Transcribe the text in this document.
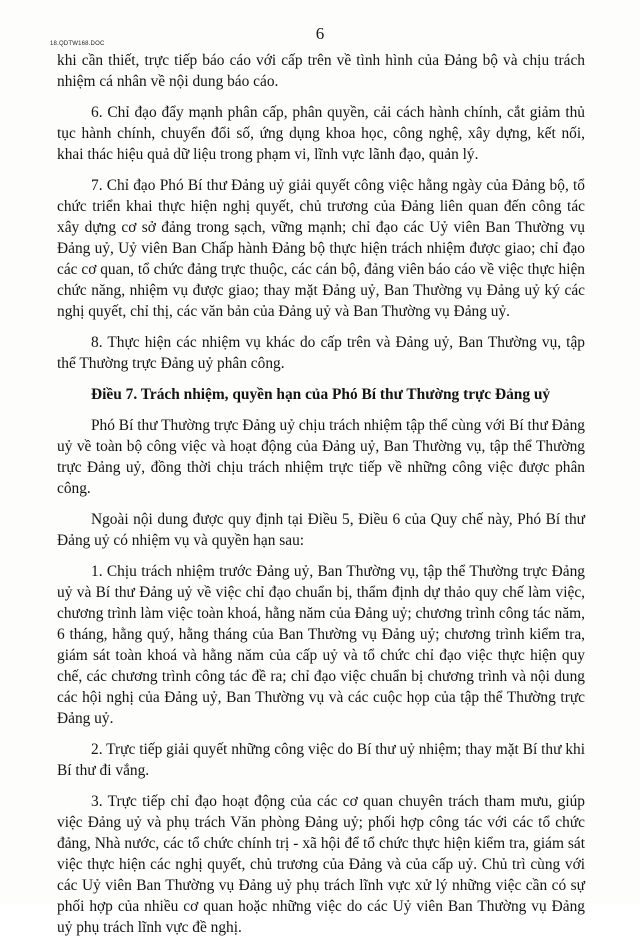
18.QDTW168.DOC
6

khi cần thiết, trực tiếp báo cáo với cấp trên về tình hình của Đảng bộ và chịu trách nhiệm cá nhân về nội dung báo cáo.

6. Chỉ đạo đẩy mạnh phân cấp, phân quyền, cải cách hành chính, cắt giảm thủ tục hành chính, chuyển đổi số, ứng dụng khoa học, công nghệ, xây dựng, kết nối, khai thác hiệu quả dữ liệu trong phạm vi, lĩnh vực lãnh đạo, quản lý.

7. Chỉ đạo Phó Bí thư Đảng uỷ giải quyết công việc hằng ngày của Đảng bộ, tổ chức triển khai thực hiện nghị quyết, chủ trương của Đảng liên quan đến công tác xây dựng cơ sở đảng trong sạch, vững mạnh; chỉ đạo các Uỷ viên Ban Thường vụ Đảng uỷ, Uỷ viên Ban Chấp hành Đảng bộ thực hiện trách nhiệm được giao; chỉ đạo các cơ quan, tổ chức đảng trực thuộc, các cán bộ, đảng viên báo cáo về việc thực hiện chức năng, nhiệm vụ được giao; thay mặt Đảng uỷ, Ban Thường vụ Đảng uỷ ký các nghị quyết, chỉ thị, các văn bản của Đảng uỷ và Ban Thường vụ Đảng uỷ.

8. Thực hiện các nhiệm vụ khác do cấp trên và Đảng uỷ, Ban Thường vụ, tập thể Thường trực Đảng uỷ phân công.

Điều 7. Trách nhiệm, quyền hạn của Phó Bí thư Thường trực Đảng uỷ

Phó Bí thư Thường trực Đảng uỷ chịu trách nhiệm tập thể cùng với Bí thư Đảng uỷ về toàn bộ công việc và hoạt động của Đảng uỷ, Ban Thường vụ, tập thể Thường trực Đảng uỷ, đồng thời chịu trách nhiệm trực tiếp về những công việc được phân công.

Ngoài nội dung được quy định tại Điều 5, Điều 6 của Quy chế này, Phó Bí thư Đảng uỷ có nhiệm vụ và quyền hạn sau:

1. Chịu trách nhiệm trước Đảng uỷ, Ban Thường vụ, tập thể Thường trực Đảng uỷ và Bí thư Đảng uỷ về việc chỉ đạo chuẩn bị, thẩm định dự thảo quy chế làm việc, chương trình làm việc toàn khoá, hằng năm của Đảng uỷ; chương trình công tác năm, 6 tháng, hằng quý, hằng tháng của Ban Thường vụ Đảng uỷ; chương trình kiểm tra, giám sát toàn khoá và hằng năm của cấp uỷ và tổ chức chỉ đạo việc thực hiện quy chế, các chương trình công tác đề ra; chỉ đạo việc chuẩn bị chương trình và nội dung các hội nghị của Đảng uỷ, Ban Thường vụ và các cuộc họp của tập thể Thường trực Đảng uỷ.

2. Trực tiếp giải quyết những công việc do Bí thư uỷ nhiệm; thay mặt Bí thư khi Bí thư đi vắng.

3. Trực tiếp chỉ đạo hoạt động của các cơ quan chuyên trách tham mưu, giúp việc Đảng uỷ và phụ trách Văn phòng Đảng uỷ; phối hợp công tác với các tổ chức đảng, Nhà nước, các tổ chức chính trị - xã hội để tổ chức thực hiện kiểm tra, giám sát việc thực hiện các nghị quyết, chủ trương của Đảng và của cấp uỷ. Chủ trì cùng với các Uỷ viên Ban Thường vụ Đảng uỷ phụ trách lĩnh vực xử lý những việc cần có sự phối hợp của nhiều cơ quan hoặc những việc do các Uỷ viên Ban Thường vụ Đảng uỷ phụ trách lĩnh vực đề nghị.
